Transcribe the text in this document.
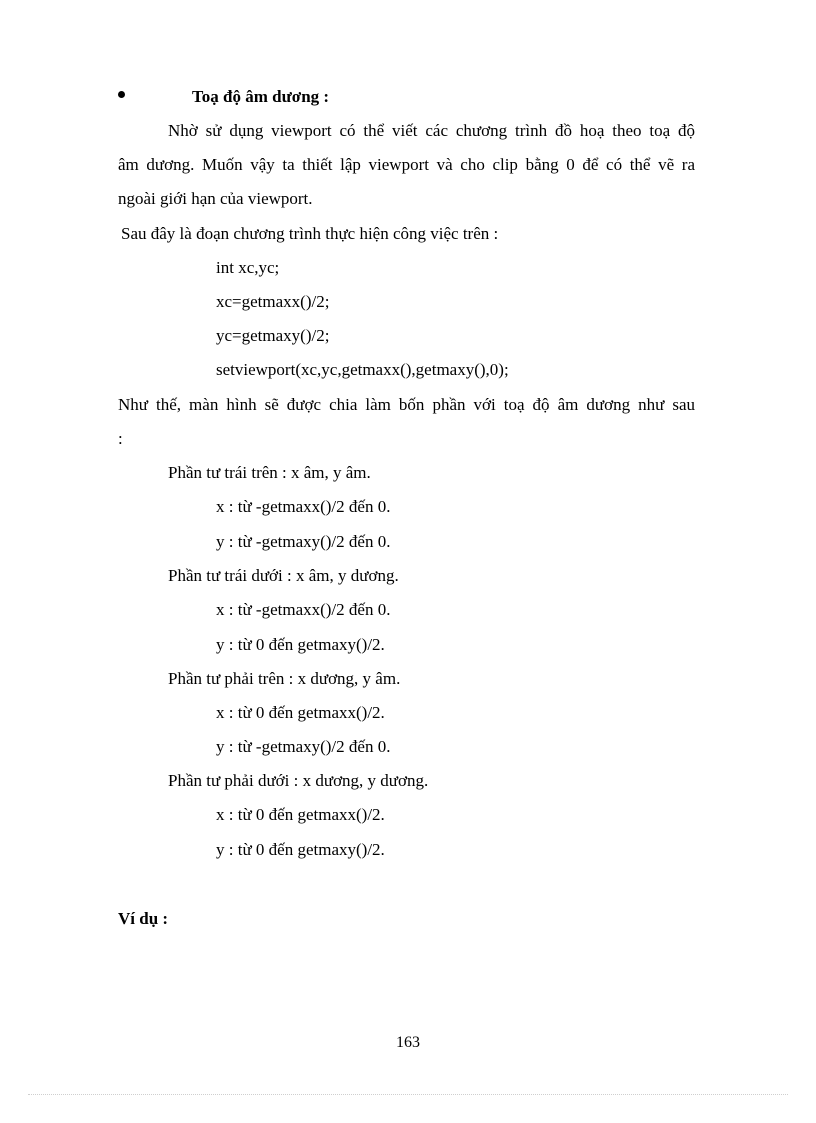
Toạ độ âm dương :
Nhờ sử dụng viewport có thể viết các chương trình đồ hoạ theo toạ độ
âm dương. Muốn vậy ta thiết lập viewport và cho clip bằng 0 để có thể vẽ ra
ngoài giới hạn của viewport.
Sau đây là đoạn chương trình thực hiện công việc trên :
int xc,yc;
xc=getmaxx()/2;
yc=getmaxy()/2;
setviewport(xc,yc,getmaxx(),getmaxy(),0);
Như thế, màn hình sẽ được chia làm bốn phần với toạ độ âm dương như sau
:
Phần tư trái trên : x âm, y âm.
x : từ -getmaxx()/2 đến 0.
y : từ -getmaxy()/2 đến 0.
Phần tư trái dưới : x âm, y dương.
x : từ -getmaxx()/2 đến 0.
y : từ 0 đến getmaxy()/2.
Phần tư phải trên : x dương, y âm.
x : từ 0 đến getmaxx()/2.
y : từ -getmaxy()/2 đến 0.
Phần tư phải dưới : x dương, y dương.
x : từ 0 đến getmaxx()/2.
y : từ 0 đến getmaxy()/2.
Ví dụ :
163
